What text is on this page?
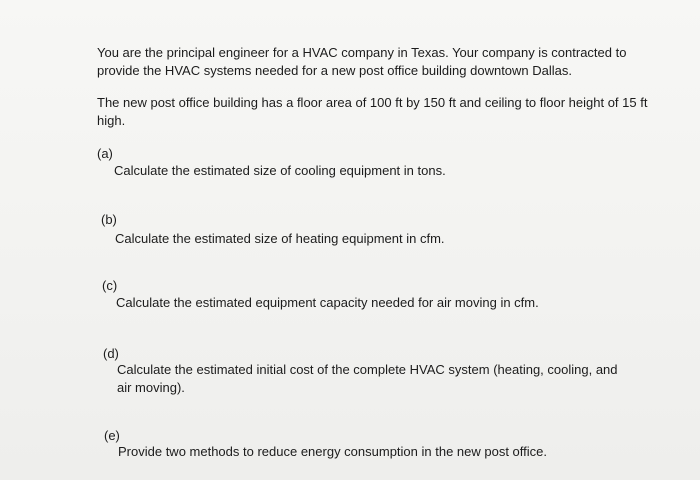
You are the principal engineer for a HVAC company in Texas. Your company is contracted to provide the HVAC systems needed for a new post office building downtown Dallas.

The new post office building has a floor area of 100 ft by 150 ft and ceiling to floor height of 15 ft high.

(a)

Calculate the estimated size of cooling equipment in tons.

(b)

Calculate the estimated size of heating equipment in cfm.

(c)

Calculate the estimated equipment capacity needed for air moving in cfm.

(d)

Calculate the estimated initial cost of the complete HVAC system (heating, cooling, and air moving).

(e)

Provide two methods to reduce energy consumption in the new post office.
